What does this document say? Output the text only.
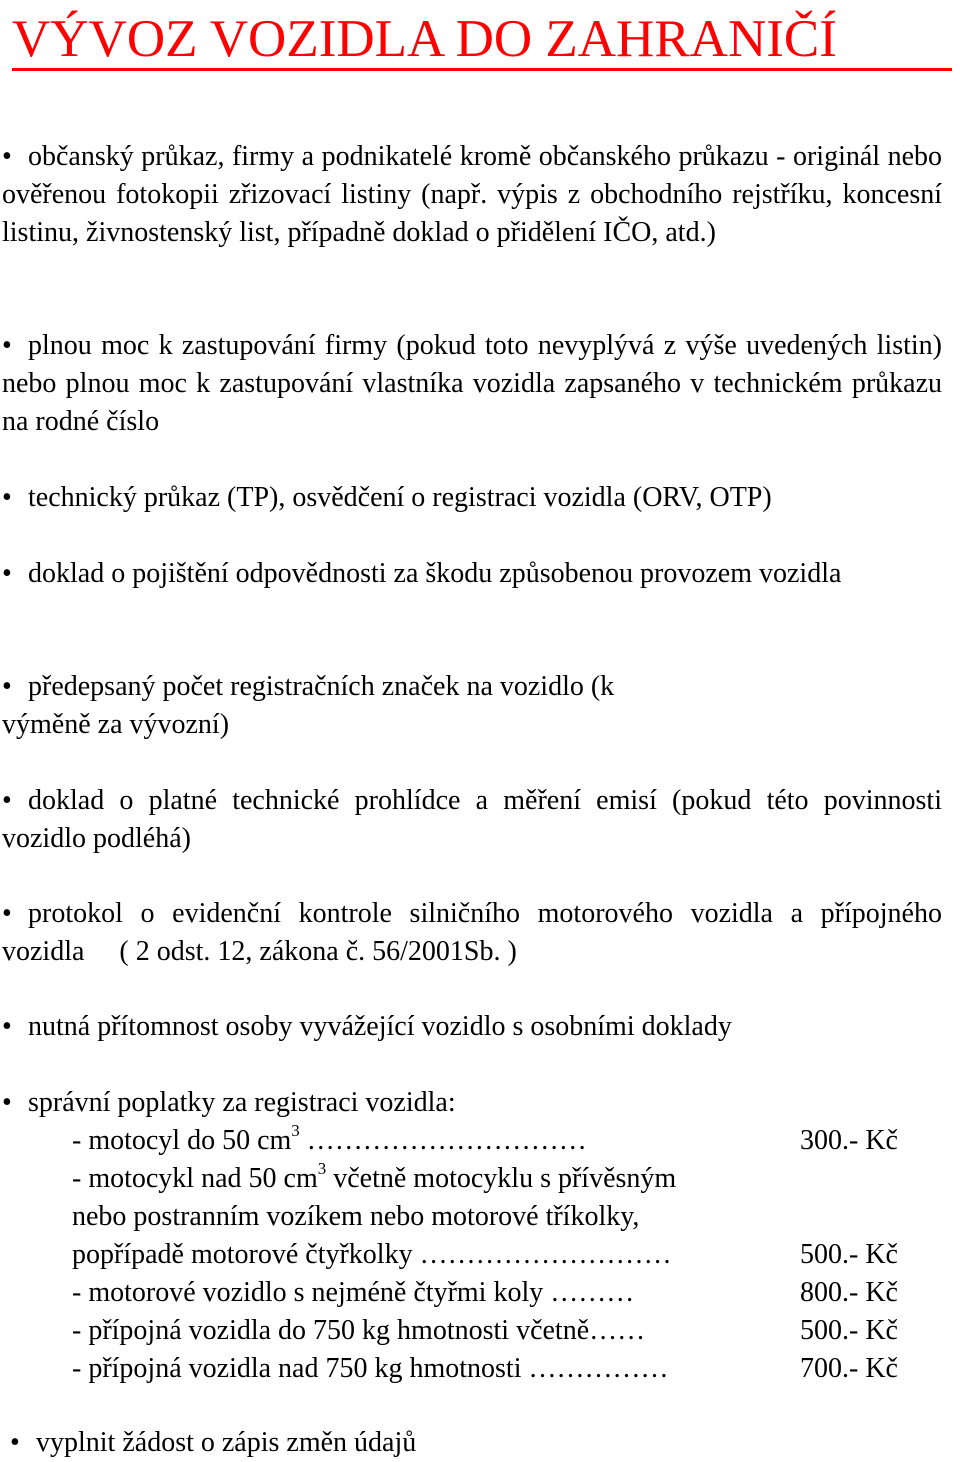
VÝVOZ VOZIDLA DO ZAHRANIČÍ

• občanský průkaz, firmy a podnikatelé kromě občanského průkazu - originál nebo ověřenou fotokopii zřizovací listiny (např. výpis z obchodního rejstříku, koncesní listinu, živnostenský list, případně doklad o přidělení IČO, atd.)

• plnou moc k zastupování firmy (pokud toto nevyplývá z výše uvedených listin) nebo plnou moc k zastupování vlastníka vozidla zapsaného v technickém průkazu na rodné číslo

• technický průkaz (TP), osvědčení o registraci vozidla (ORV, OTP)

• doklad o pojištění odpovědnosti za škodu způsobenou provozem vozidla

• předepsaný počet registračních značek na vozidlo (k výměně za vývozní)

• doklad o platné technické prohlídce a měření emisí (pokud této povinnosti vozidlo podléhá)

• protokol o evidenční kontrole silničního motorového vozidla a přípojného vozidla     ( 2 odst. 12, zákona č. 56/2001Sb. )

• nutná přítomnost osoby vyvážející vozidlo s osobními doklady

• správní poplatky za registraci vozidla:
- motocyl do 50 $cm^3$ …………………………	300.- Kč
- motocykl nad 50 $cm^3$ včetně motocyklu s přívěsným
nebo postranním vozíkem nebo motorové tříkolky,
popřípadě motorové čtyřkolky ………………………	500.- Kč
- motorové vozidlo s nejméně čtyřmi koly ………	800.- Kč
- přípojná vozidla do 750 kg hmotnosti včetně……	500.- Kč
- přípojná vozidla nad 750 kg hmotnosti ……………	700.- Kč
• vyplnit žádost o zápis změn údajů
